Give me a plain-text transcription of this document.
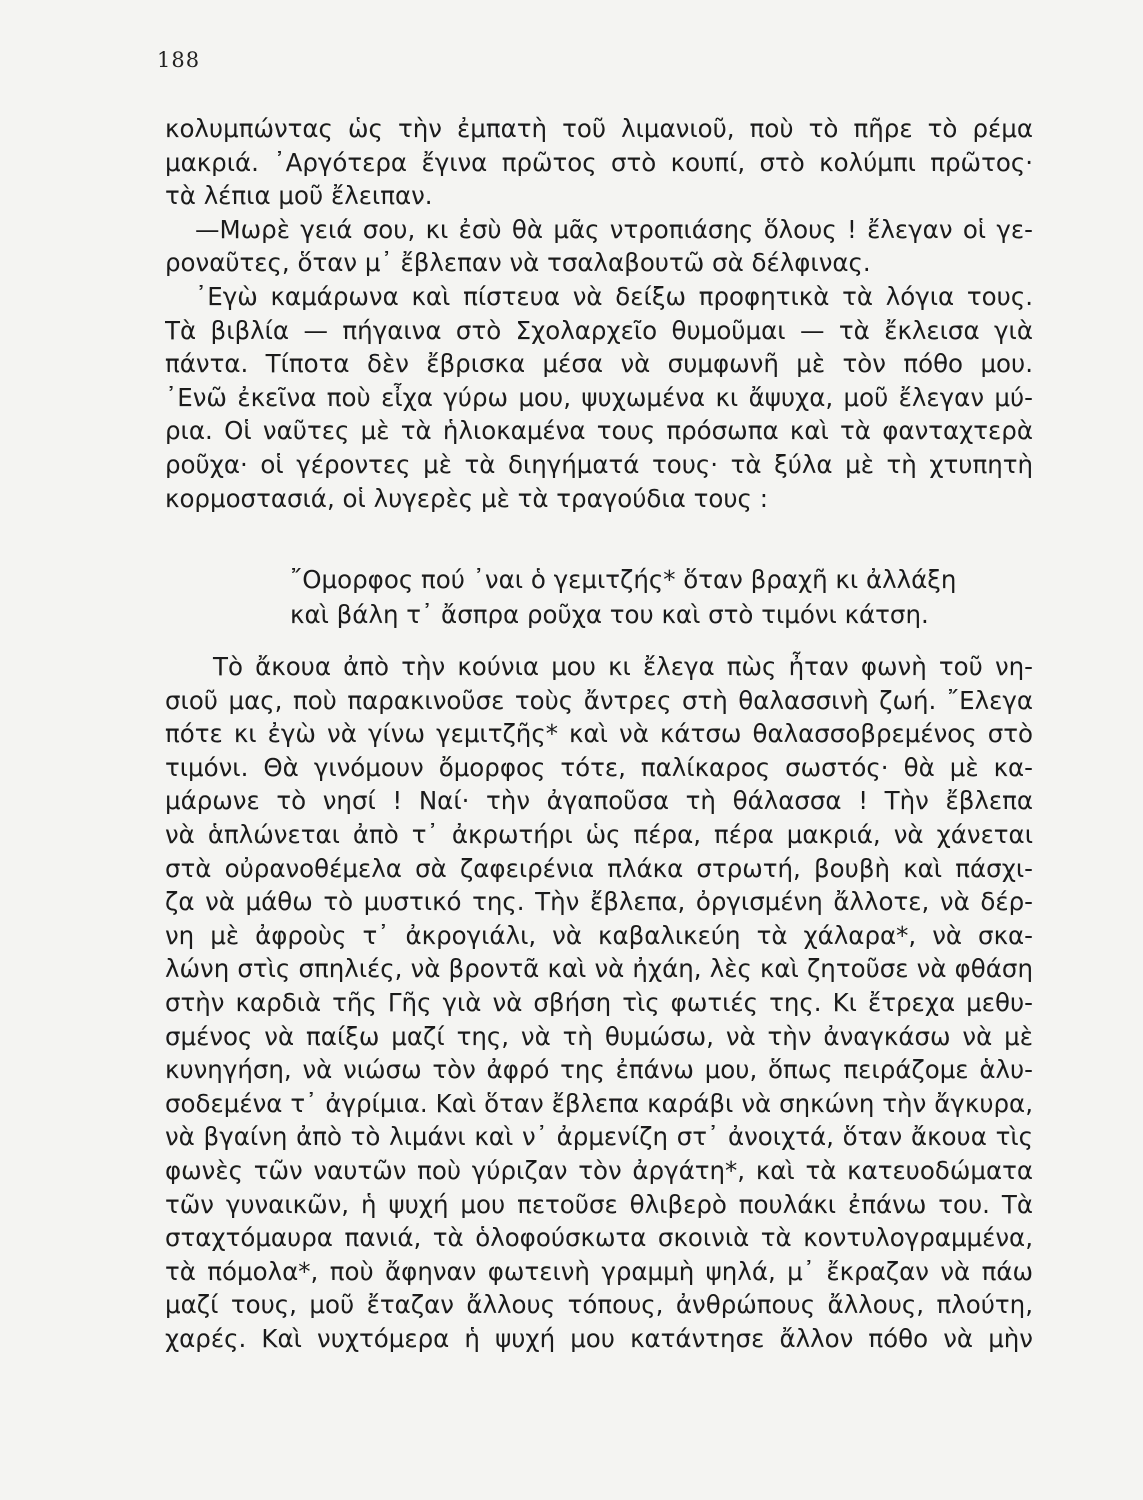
188
κολυμπώντας ὡς τὴν ἐμπατὴ τοῦ λιμανιοῦ, ποὺ τὸ πῆρε τὸ ρέμα
μακριά. ᾿Αργότερα ἔγινα πρῶτος στὸ κουπί, στὸ κολύμπι πρῶτος·
τὰ λέπια μοῦ ἔλειπαν.
—Μωρὲ γειά σου, κι ἐσὺ θὰ μᾶς ντροπιάσης ὅλους ! ἔλεγαν οἱ γε-
ροναῦτες, ὅταν μ᾿ ἔβλεπαν νὰ τσαλαβουτῶ σὰ δέλφινας.
᾿Εγὼ καμάρωνα καὶ πίστευα νὰ δείξω προφητικὰ τὰ λόγια τους.
Τὰ βιβλία — πήγαινα στὸ Σχολαρχεῖο θυμοῦμαι — τὰ ἔκλεισα γιὰ
πάντα. Τίποτα δὲν ἔβρισκα μέσα νὰ συμφωνῆ μὲ τὸν πόθο μου.
᾿Ενῶ ἐκεῖνα ποὺ εἶχα γύρω μου, ψυχωμένα κι ἄψυχα, μοῦ ἔλεγαν μύ-
ρια. Οἱ ναῦτες μὲ τὰ ἡλιοκαμένα τους πρόσωπα καὶ τὰ φανταχτερὰ
ροῦχα· οἱ γέροντες μὲ τὰ διηγήματά τους· τὰ ξύλα μὲ τὴ χτυπητὴ
κορμοστασιά, οἱ λυγερὲς μὲ τὰ τραγούδια τους :
῎Ομορφος πού ᾿ναι ὁ γεμιτζής* ὅταν βραχῆ κι ἀλλάξη
καὶ βάλη τ᾿ ἄσπρα ροῦχα του καὶ στὸ τιμόνι κάτση.
Τὸ ἄκουα ἀπὸ τὴν κούνια μου κι ἔλεγα πὼς ἦταν φωνὴ τοῦ νη-
σιοῦ μας, ποὺ παρακινοῦσε τοὺς ἄντρες στὴ θαλασσινὴ ζωή. ῎Ελεγα
πότε κι ἐγὼ νὰ γίνω γεμιτζῆς* καὶ νὰ κάτσω θαλασσοβρεμένος στὸ
τιμόνι. Θὰ γινόμουν ὄμορφος τότε, παλίκαρος σωστός· θὰ μὲ κα-
μάρωνε τὸ νησί ! Ναί· τὴν ἀγαποῦσα τὴ θάλασσα ! Τὴν ἔβλεπα
νὰ ἁπλώνεται ἀπὸ τ᾿ ἀκρωτήρι ὡς πέρα, πέρα μακριά, νὰ χάνεται
στὰ οὐρανοθέμελα σὰ ζαφειρένια πλάκα στρωτή, βουβὴ καὶ πάσχι-
ζα νὰ μάθω τὸ μυστικό της. Τὴν ἔβλεπα, ὀργισμένη ἄλλοτε, νὰ δέρ-
νη μὲ ἀφροὺς τ᾿ ἀκρογιάλι, νὰ καβαλικεύη τὰ χάλαρα*, νὰ σκα-
λώνη στὶς σπηλιές, νὰ βροντᾶ καὶ νὰ ἠχάη, λὲς καὶ ζητοῦσε νὰ φθάση
στὴν καρδιὰ τῆς Γῆς γιὰ νὰ σβήση τὶς φωτιές της. Κι ἔτρεχα μεθυ-
σμένος νὰ παίξω μαζί της, νὰ τὴ θυμώσω, νὰ τὴν ἀναγκάσω νὰ μὲ
κυνηγήση, νὰ νιώσω τὸν ἀφρό της ἐπάνω μου, ὅπως πειράζομε ἁλυ-
σοδεμένα τ᾿ ἀγρίμια. Καὶ ὅταν ἔβλεπα καράβι νὰ σηκώνη τὴν ἄγκυρα,
νὰ βγαίνη ἀπὸ τὸ λιμάνι καὶ ν᾿ ἀρμενίζη στ᾿ ἀνοιχτά, ὅταν ἄκουα τὶς
φωνὲς τῶν ναυτῶν ποὺ γύριζαν τὸν ἀργάτη*, καὶ τὰ κατευοδώματα
τῶν γυναικῶν, ἡ ψυχή μου πετοῦσε θλιβερὸ πουλάκι ἐπάνω του. Τὰ
σταχτόμαυρα πανιά, τὰ ὁλοφούσκωτα σκοινιὰ τὰ κοντυλογραμμένα,
τὰ πόμολα*, ποὺ ἄφηναν φωτεινὴ γραμμὴ ψηλά, μ᾿ ἔκραζαν νὰ πάω
μαζί τους, μοῦ ἔταζαν ἄλλους τόπους, ἀνθρώπους ἄλλους, πλούτη,
χαρές. Καὶ νυχτόμερα ἡ ψυχή μου κατάντησε ἄλλον πόθο νὰ μὴν
